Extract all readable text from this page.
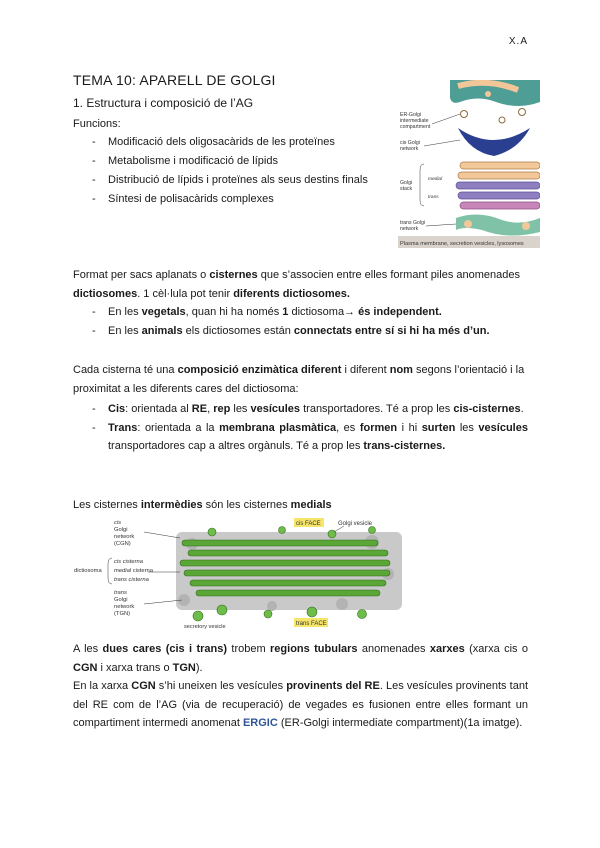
X.A
TEMA 10: APARELL DE GOLGI
1. Estructura i composició de l’AG
Funcions:
- Modificació dels oligosacàrids de les proteïnes
- Metabolisme i modificació de lípids
- Distribució de lípids i proteïnes als seus destins finals
- Síntesi de polisacàrids complexes
Plasma membrane, secretion vesicles, lysosomes
ER-Golgi intermediate compartment
cis Golgi network
Golgi stack
medial
trans
trans Golgi network
Format per sacs aplanats o cisternes que s’associen entre elles formant piles anomenades dictiosomes. 1 cèl·lula pot tenir diferents dictiosomes.
- En les vegetals, quan hi ha només 1 dictiosoma→ és independent.
- En les animals els dictiosomes están connectats entre sí si hi ha més d’un.
Cada cisterna té una composició enzimàtica diferent i diferent nom segons l’orientació i la proximitat a les diferents cares del dictiosoma:
- Cis: orientada al RE, rep les vesícules transportadores. Té a prop les cis-cisternes.
- Trans: orientada a la membrana plasmàtica, es formen i hi surten les vesícules transportadores cap a altres orgànuls. Té a prop les trans-cisternes.
Les cisternes intermèdies són les cisternes medials
cis FACE	Golgi vesicle
trans FACE
secretory vesicle
cis
Golgi network (CGN)
dictiosoma
cis cisterna
medial cisterna
trans cisterna
trans
Golgi network (TGN)
A les dues cares (cis i trans) trobem regions tubulars anomenades xarxes (xarxa cis o CGN i xarxa trans o TGN).
En la xarxa CGN s’hi uneixen les vesícules provinents del RE. Les vesícules provinents tant del RE com de l’AG (via de recuperació) de vegades es fusionen entre elles formant un compartiment intermedi anomenat ERGIC (ER-Golgi intermediate compartment)(1a imatge).
